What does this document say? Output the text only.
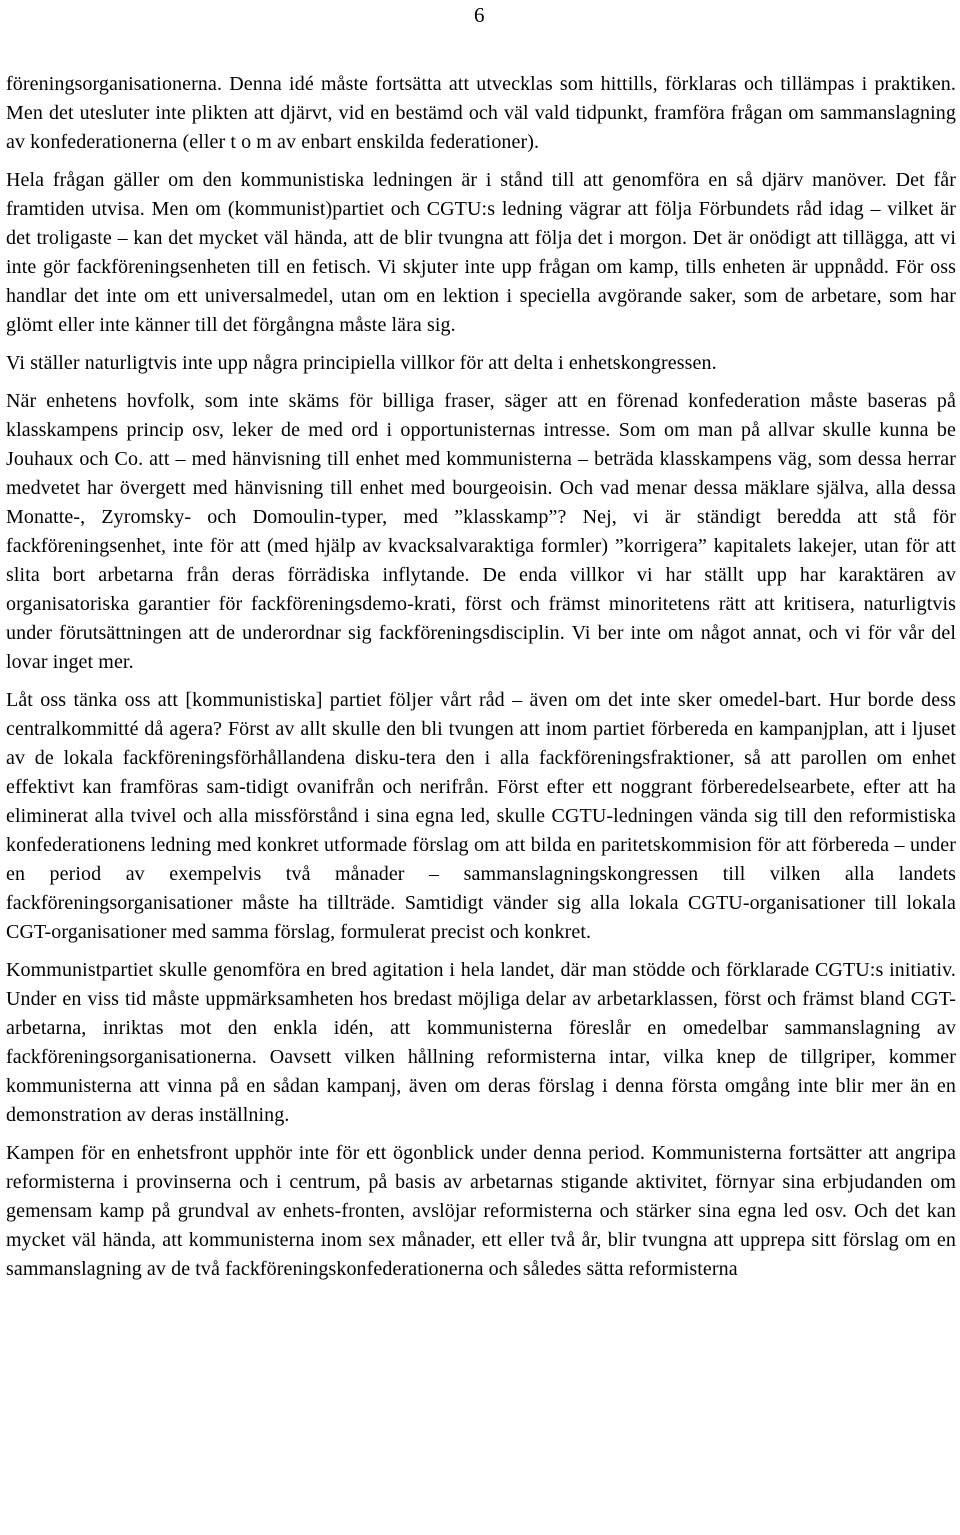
6

föreningsorganisationerna. Denna idé måste fortsätta att utvecklas som hittills, förklaras och tillämpas i praktiken. Men det utesluter inte plikten att djärvt, vid en bestämd och väl vald tidpunkt, framföra frågan om sammanslagning av konfederationerna (eller t o m av enbart enskilda federationer).

Hela frågan gäller om den kommunistiska ledningen är i stånd till att genomföra en så djärv manöver. Det får framtiden utvisa. Men om (kommunist)partiet och CGTU:s ledning vägrar att följa Förbundets råd idag – vilket är det troligaste – kan det mycket väl hända, att de blir tvungna att följa det i morgon. Det är onödigt att tillägga, att vi inte gör fackföreningsenheten till en fetisch. Vi skjuter inte upp frågan om kamp, tills enheten är uppnådd. För oss handlar det inte om ett universalmedel, utan om en lektion i speciella avgörande saker, som de arbetare, som har glömt eller inte känner till det förgångna måste lära sig.

Vi ställer naturligtvis inte upp några principiella villkor för att delta i enhetskongressen.

När enhetens hovfolk, som inte skäms för billiga fraser, säger att en förenad konfederation måste baseras på klasskampens princip osv, leker de med ord i opportunisternas intresse. Som om man på allvar skulle kunna be Jouhaux och Co. att – med hänvisning till enhet med kommunisterna – beträda klasskampens väg, som dessa herrar medvetet har övergett med hänvisning till enhet med bourgeoisin. Och vad menar dessa mäklare själva, alla dessa Monatte-, Zyromsky- och Domoulin-typer, med ”klasskamp”? Nej, vi är ständigt beredda att stå för fackföreningsenhet, inte för att (med hjälp av kvacksalvaraktiga formler) ”korrigera” kapitalets lakejer, utan för att slita bort arbetarna från deras förrädiska inflytande. De enda villkor vi har ställt upp har karaktären av organisatoriska garantier för fackföreningsdemo-krati, först och främst minoritetens rätt att kritisera, naturligtvis under förutsättningen att de underordnar sig fackföreningsdisciplin. Vi ber inte om något annat, och vi för vår del lovar inget mer.

Låt oss tänka oss att [kommunistiska] partiet följer vårt råd – även om det inte sker omedel-bart. Hur borde dess centralkommitté då agera? Först av allt skulle den bli tvungen att inom partiet förbereda en kampanjplan, att i ljuset av de lokala fackföreningsförhållandena disku-tera den i alla fackföreningsfraktioner, så att parollen om enhet effektivt kan framföras sam-tidigt ovanifrån och nerifrån. Först efter ett noggrant förberedelsearbete, efter att ha eliminerat alla tvivel och alla missförstånd i sina egna led, skulle CGTU-ledningen vända sig till den reformistiska konfederationens ledning med konkret utformade förslag om att bilda en paritetskommision för att förbereda – under en period av exempelvis två månader – sammanslagningskongressen till vilken alla landets fackföreningsorganisationer måste ha tillträde. Samtidigt vänder sig alla lokala CGTU-organisationer till lokala CGT-organisationer med samma förslag, formulerat precist och konkret.

Kommunistpartiet skulle genomföra en bred agitation i hela landet, där man stödde och förklarade CGTU:s initiativ. Under en viss tid måste uppmärksamheten hos bredast möjliga delar av arbetarklassen, först och främst bland CGT-arbetarna, inriktas mot den enkla idén, att kommunisterna föreslår en omedelbar sammanslagning av fackföreningsorganisationerna. Oavsett vilken hållning reformisterna intar, vilka knep de tillgriper, kommer kommunisterna att vinna på en sådan kampanj, även om deras förslag i denna första omgång inte blir mer än en demonstration av deras inställning.

Kampen för en enhetsfront upphör inte för ett ögonblick under denna period. Kommunisterna fortsätter att angripa reformisterna i provinserna och i centrum, på basis av arbetarnas stigande aktivitet, förnyar sina erbjudanden om gemensam kamp på grundval av enhets-fronten, avslöjar reformisterna och stärker sina egna led osv. Och det kan mycket väl hända, att kommunisterna inom sex månader, ett eller två år, blir tvungna att upprepa sitt förslag om en sammanslagning av de två fackföreningskonfederationerna och således sätta reformisterna
